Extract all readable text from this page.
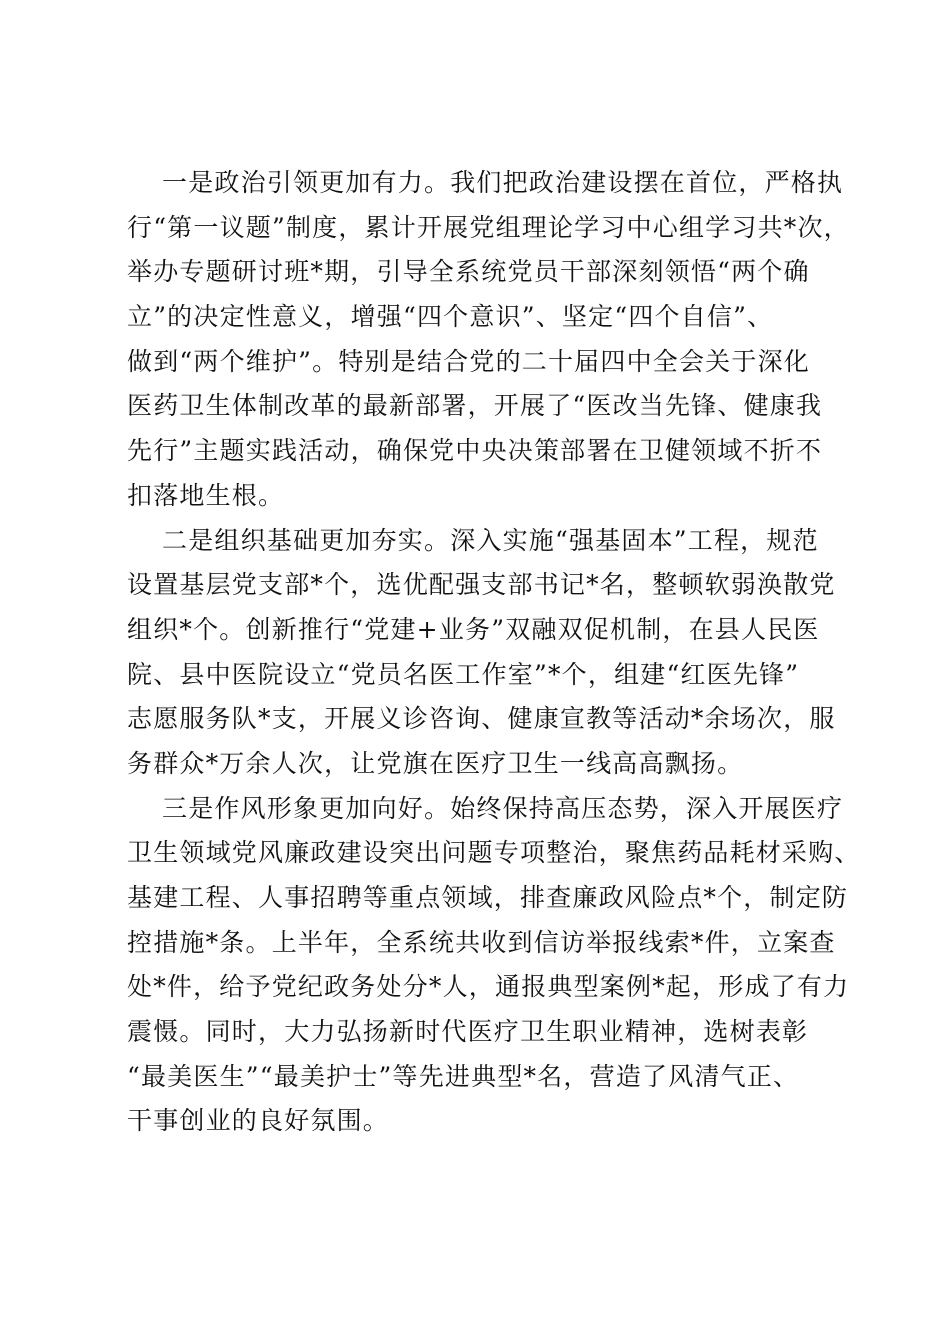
一是政治引领更加有力。我们把政治建设摆在首位，严格执
行“第一议题”制度，累计开展党组理论学习中心组学习共*次，
举办专题研讨班*期，引导全系统党员干部深刻领悟“两个确
立”的决定性意义，增强“四个意识”、坚定“四个自信”、
做到“两个维护”。特别是结合党的二十届四中全会关于深化
医药卫生体制改革的最新部署，开展了“医改当先锋、健康我
先行”主题实践活动，确保党中央决策部署在卫健领域不折不
扣落地生根。
二是组织基础更加夯实。深入实施“强基固本”工程，规范
设置基层党支部*个，选优配强支部书记*名，整顿软弱涣散党
组织*个。创新推行“党建+业务”双融双促机制，在县人民医
院、县中医院设立“党员名医工作室”*个，组建“红医先锋”
志愿服务队*支，开展义诊咨询、健康宣教等活动*余场次，服
务群众*万余人次，让党旗在医疗卫生一线高高飘扬。
三是作风形象更加向好。始终保持高压态势，深入开展医疗
卫生领域党风廉政建设突出问题专项整治，聚焦药品耗材采购、
基建工程、人事招聘等重点领域，排查廉政风险点*个，制定防
控措施*条。上半年，全系统共收到信访举报线索*件，立案查
处*件，给予党纪政务处分*人，通报典型案例*起，形成了有力
震慑。同时，大力弘扬新时代医疗卫生职业精神，选树表彰
“最美医生”“最美护士”等先进典型*名，营造了风清气正、
干事创业的良好氛围。
